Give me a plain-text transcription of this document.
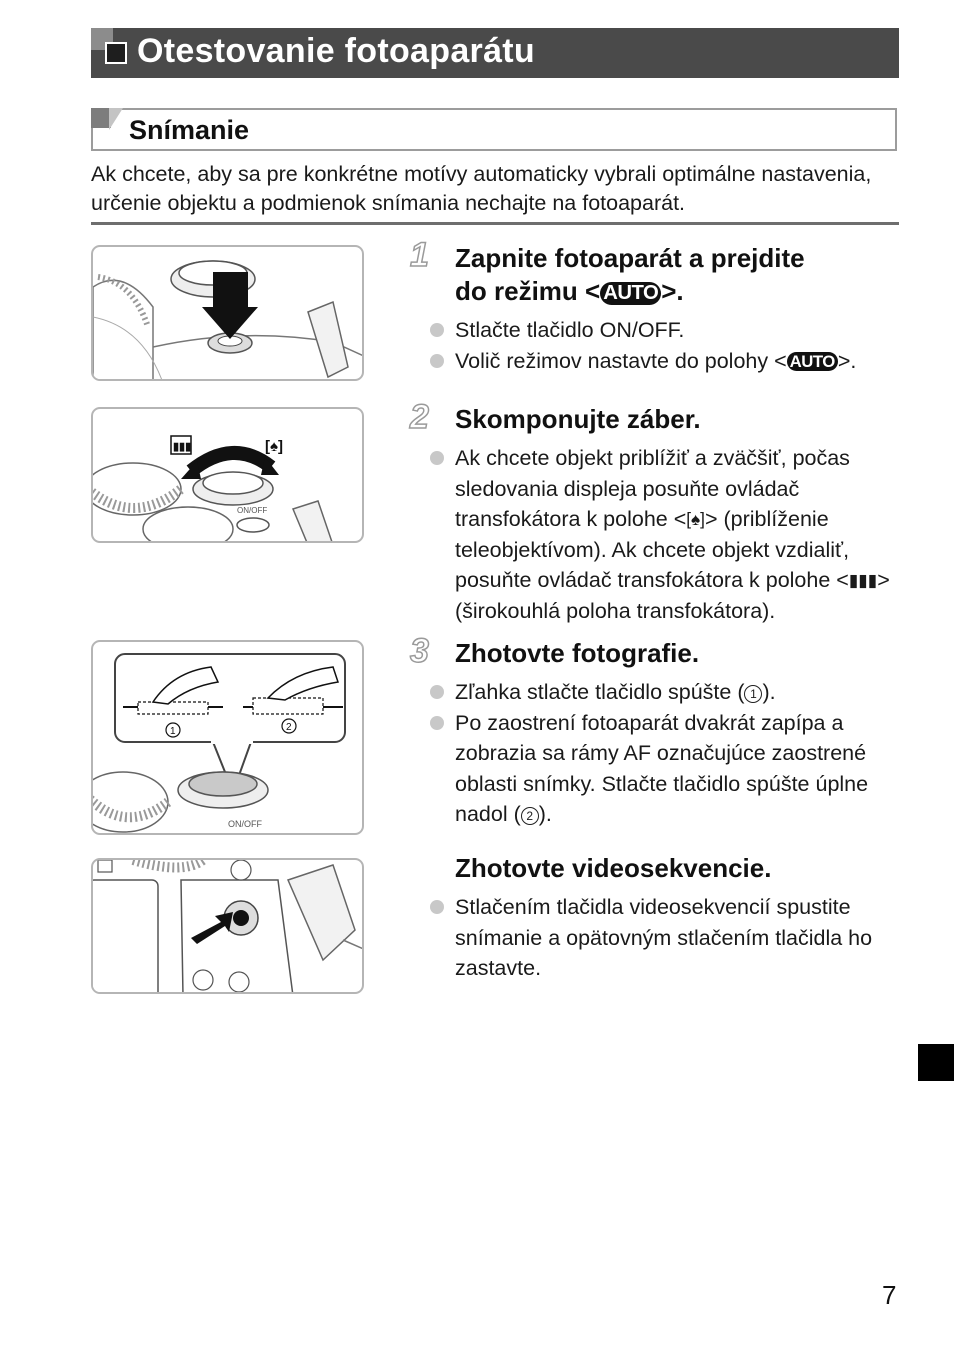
Otestovanie fotoaparátu
Snímanie
Ak chcete, aby sa pre konkrétne motívy automaticky vybrali optimálne nastavenia, určenie objektu a podmienok snímania nechajte na fotoaparát.
1 Zapnite fotoaparát a prejdite
do režimu < AUTO >.
Stlačte tlačidlo ON/OFF.
Volič režimov nastavte do polohy < AUTO >.
▮▮▮	[♠]
ON/OFF
2 Skomponujte záber.
Ak chcete objekt priblížiť a zväčšiť, počas sledovania displeja posuňte ovládač transfokátora k polohe <[♠]> (priblíženie teleobjektívom). Ak chcete objekt vzdialiť, posuňte ovládač transfokátora k polohe <▮▮▮> (širokouhlá poloha transfokátora).
1	2
ON/OFF
3 Zhotovte fotografie.
Zľahka stlačte tlačidlo spúšte ( 1 ).
Po zaostrení fotoaparát dvakrát zapípa a zobrazia sa rámy AF označujúce zaostrené oblasti snímky. Stlačte tlačidlo spúšte úplne nadol ( 2 ).
Zhotovte videosekvencie.
Stlačením tlačidla videosekvencií spustite snímanie a opätovným stlačením tlačidla ho zastavte.
7
